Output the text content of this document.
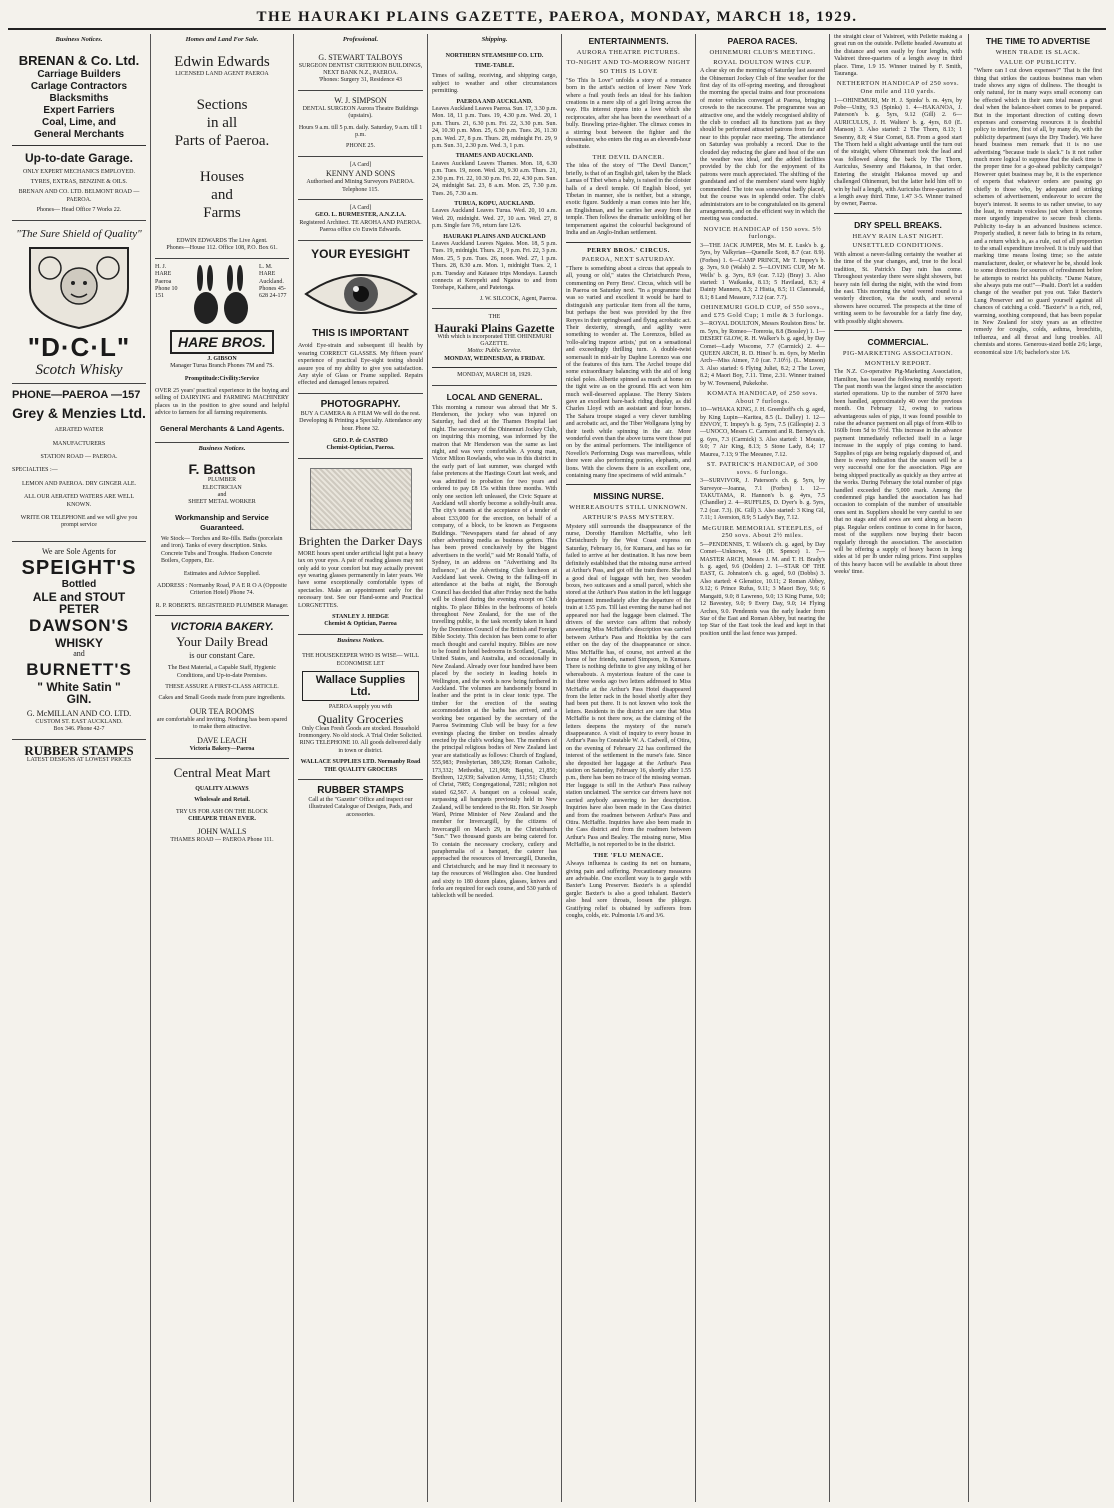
THE HAURAKI PLAINS GAZETTE, PAEROA, MONDAY, MARCH 18, 1929.
Business Notices.
BRENAN & Co. Ltd.
Carriage Builders
Carlage Contractors
Blacksmiths
Expert Farriers
Coal, Lime, and
General Merchants
Up-to-date Garage.
ONLY EXPERT MECHANICS EMPLOYED.
TYRES, EXTRAS, BENZINE & OILS.
BRENAN AND CO. LTD. BELMONT ROAD — PAEROA.
Phones— Head Office 7 Works 22.
"The Sure Shield of Quality"
"D·C·L"
Scotch Whisky
PHONE—PAEROA —157
Grey & Menzies Ltd.
AERATED WATER
MANUFACTURERS
STATION ROAD — PAEROA.
SPECIALTIES :—
LEMON AND PAEROA. DRY GINGER ALE.
ALL OUR AERATED WATERS ARE WELL KNOWN.
WRITE OR TELEPHONE and we will give you prompt service
We are Sole Agents for
SPEIGHT'S
Bottled
ALE and STOUT
PETER
DAWSON'S
WHISKY
and
BURNETT'S
" White Satin "
GIN.
G. McMILLAN AND CO. LTD.
CUSTOM ST. EAST AUCKLAND.
Box 346. Phone 42-7
RUBBER STAMPS
LATEST DESIGNS AT LOWEST PRICES
Homes and Land For Sale.
Edwin Edwards
LICENSED LAND AGENT PAEROA
Sections
in all
Parts of Paeroa.
Houses
and
Farms
EDWIN EDWARDS The Live Agent.
Phones—House 112. Office 108, P.O. Box 61.
H. J. HARE Paeroa Phone 10 151
L. M. HARE Auckland. Phones 45-628 24-177
HARE BROS.
J. GIBSON
Manager Turua Branch Phones 7M and 7S.
Promptitude:Civility:Service
OVER 25 years' practical experience in the buying and selling of DAIRYING and FARMING MACHINERY places us in the position to give sound and helpful advice to farmers for all farming requirements.
General Merchants & Land Agents.
Business Notices.
F. Battson
PLUMBER
ELECTRICIAN
and
SHEET METAL WORKER
Workmanship and Service Guaranteed.
We Stock— Torches and Re-fills. Baths (porcelain and iron). Tanks of every description. Sinks. Concrete Tubs and Troughs. Hudson Concrete Boilers, Coppers, Etc.
Estimates and Advice Supplied.
ADDRESS : Normanby Road, P A E R O A (Opposite Criterion Hotel) Phone 74.
R. P. ROBERTS. REGISTERED PLUMBER Manager.
VICTORIA BAKERY.
Your Daily Bread
is our constant Care.
The Best Material, a Capable Staff, Hygienic Conditions, and Up-to-date Premises.
THESE ASSURE A FIRST-CLASS ARTICLE.
Cakes and Small Goods made from pure ingredients.
OUR TEA ROOMS
are comfortable and inviting. Nothing has been spared to make them attractive.
DAVE LEACH
Victoria Bakery—Paeroa
Central Meat Mart
QUALITY ALWAYS
Wholesale and Retail.
TRY US FOR ASH ON THE BLOCK
CHEAPER THAN EVER.
JOHN WALLS
THAMES ROAD — PAEROA Phone 111.
Professional.
G. STEWART TALBOYS
SURGEON DENTIST CRITERION BUILDINGS, NEXT BANK N.Z., PAEROA.
'Phones: Surgery 31, Residence 43
W. J. SIMPSON
DENTAL SURGEON Aurora Theatre Buildings (upstairs).
Hours 9 a.m. till 5 p.m. daily. Saturday, 9 a.m. till 1 p.m.
PHONE 25.
[A Card]
KENNY AND SONS
Authorised and Mining Surveyors PAEROA. Telephone 115.
[A Card]
GEO. L. BURMESTER, A.N.Z.I.A.
Registered Architect. TE AROHA AND PAEROA. Paeroa office c/o Euwin Edwards.
YOUR EYESIGHT
THIS IS IMPORTANT
Avoid Eye-strain and subsequent ill health by wearing CORRECT GLASSES. My fifteen years' experience of practical Eye-sight testing should assure you of my ability to give you satisfaction. Any style of Glass or Frame supplied. Repairs effected and damaged lenses repaired.
PHOTOGRAPHY.
BUY A CAMERA & A FILM We will do the rest. Developing & Printing a Specialty. Attendance any hour. Phone 32.
GEO. P. de CASTRO
Chemist-Optician, Paeroa.
Brighten the Darker Days
MORE hours spent under artificial light put a heavy tax on your eyes. A pair of reading glasses may not only add to your comfort but may actually prevent eye wearing glasses permanently in later years. We have some exceptionally comfortable types of spectacles. Make an appointment early for the necessary test. See our Hand-some and Practical LORGNETTES.
STANLEY J. HEDGE
Chemist & Optician, Paeroa
Business Notices.
THE HOUSEKEEPER WHO IS WISE— WILL ECONOMISE LET
Wallace Supplies Ltd.
PAEROA supply you with
Quality Groceries
Only Clean Fresh Goods are stocked. Household Ironmongery. No old stock. A Trial Order Solicited. RING TELEPHONE 10. All goods delivered daily in town or district.
WALLACE SUPPLIES LTD. Normanby Road THE QUALITY GROCERS
RUBBER STAMPS
Call at the "Gazette" Office and inspect our illustrated Catalogue of Designs, Pads, and accessories.
Shipping.
NORTHERN STEAMSHIP CO. LTD.
TIME-TABLE.
Times of sailing, receiving, and shipping cargo, subject to weather and other circumstances permitting.
PAEROA AND AUCKLAND.
Leaves Auckland Leaves Paeroa. Sun. 17, 3.30 p.m. Mon. 18, 11 p.m. Tues. 19, 4.30 p.m. Wed. 20, 1 p.m. Thurs. 21, 6.30 p.m. Fri. 22, 3.30 p.m. Sun. 24, 10.30 p.m. Mon. 25, 6.30 p.m. Tues. 26, 11.30 p.m. Wed. 27, 8 p.m. Thurs. 28, midnight Fri. 29, 9 p.m. Sun. 31, 2.30 p.m. Wed. 3, 1 p.m.
THAMES AND AUCKLAND.
Leaves Auckland Leaves Thames. Mon. 18, 6.30 p.m. Tues. 19, noon. Wed. 20, 9.30 a.m. Thurs. 21, 2.30 p.m. Fri. 22, 10.30 p.m. Fri. 22, 4.30 p.m. Sun. 24, midnight Sat. 23, 8 a.m. Mon. 25, 7.30 p.m. Tues. 26, 7.30 a.m.
TURUA, KOPU, AUCKLAND.
Leaves Auckland Leaves Turua. Wed. 20, 10 a.m. Wed. 20, midnight. Wed. 27, 10 a.m. Wed. 27, 8 p.m. Single fare 7/6, return fare 12/6.
HAURAKI PLAINS AND AUCKLAND
Leaves Auckland Leaves Ngatea. Mon. 18, 5 p.m. Tues. 19, midnight. Thurs. 21, 9 p.m. Fri. 22, 3 p.m. Mon. 25, 5 p.m. Tues. 26, noon. Wed. 27, 1 p.m. Thurs. 28, 8.30 a.m. Mon. 1, midnight Tues. 2, 1 p.m. Tuesday and Kaiauee trips Mondays. Launch connects at Kerepehi and Ngatea to and from Torehape, Kaihere, and Patetonga.
J. W. SILCOCK, Agent, Paeroa.
THE
Hauraki Plains Gazette
With which is incorporated THE OHINEMURI GAZETTE.
Motto: Public Service.
MONDAY, WEDNESDAY, & FRIDAY.
MONDAY, MARCH 18, 1929.
LOCAL AND GENERAL.
This morning a rumour was abroad that Mr S. Henderson, the jockey who was injured on Saturday, had died at the Thames Hospital last night. The secretary of the Ohinemuri Jockey Club, on inquiring this morning, was informed by the matron that Mr Henderson was the same as last night, and was very comfortable. A young man, Victor Milton Rowlands, who was in this district in the early part of last summer, was charged with false pretences at the Hastings Court last week, and was admitted to probation for two years and ordered to pay £8 15s within three months. With only one section left unleased, the Civic Square at Auckland will shortly become a solidly-built area. The city's tenants at the acceptance of a tender of about £33,000 for the erection, on behalf of a company, of a block, to be known as Fergusons Buildings. "Newspapers stand far ahead of any other advertising media as business getters. This has been proved conclusively by the biggest advertisers in the world," said Mr Ronald Yaffa, of Sydney, in an address on "Advertising and Its Influence," at the Advertising Club luncheon at Auckland last week. Owing to the falling-off in attendance at the baths at night, the Borough Council has decided that after Friday next the baths will be closed during the evening except on Club nights. To place Bibles in the bedrooms of hotels throughout New Zealand, for the use of the travelling public, is the task recently taken in hand by the Dominion Council of the British and Foreign Bible Society. This decision has been come to after much thought and careful inquiry. Bibles are now to be found in hotel bedrooms in Scotland, Canada, United States, and Australia, and occasionally in New Zealand. Already over four hundred have been placed by the society in leading hotels in Wellington, and the work is now being furthered in Auckland. The volumes are handsomely bound in leather and the print is in clear tonic type. The timber for the erection of the seating accommodation at the baths has arrived, and a working bee organised by the secretary of the Paeroa Swimming Club will be busy for a few evenings placing the timber on trestles already erected by the club's working bee. The members of the principal religious bodies of New Zealand last year are statistically as follows: Church of England, 555,983; Presbyterian, 389,329; Roman Catholic, 173,332; Methodist, 121,968; Baptist, 21,850; Brethren, 12,939; Salvation Army, 11,551; Church of Christ, 7985; Congregational, 7281; religion not stated 62,567. A banquet on a colossal scale, surpassing all banquets previously held in New Zealand, will be tendered to the Rt. Hon. Sir Joseph Ward, Prime Minister of New Zealand and the member for Invercargill, by the citizens of Invercargill on March 29, in the Christchurch "Sun." Two thousand guests are being catered for. To contain the necessary crockery, cutlery and paraphernalia of a banquet, the caterer has approached the resources of Invercargill, Dunedin, and Christchurch; and he may find it necessary to tap the resources of Wellington also. One hundred and sixty to 180 dozen plates, glasses, knives and forks are required for each course, and 530 yards of tablecloth will be needed.
ENTERTAINMENTS.
AURORA THEATRE PICTURES.
TO-NIGHT AND TO-MORROW NIGHT
SO THIS IS LOVE
"So This Is Love" unfolds a story of a romance born in the artist's section of lower New York where a frail youth feels an ideal for his fashion creations in a mere slip of a girl living across the way. His interest ripens into a love which she reciprocates, after she has been the sweetheart of a bully. Brawling prize-fighter. The climax comes in a stirring bout between the fighter and the dressmaker, who enters the ring as an eleventh-hour substitute.
THE DEVIL DANCER.
The idea of the story of "The Devil Dancer," briefly, is that of an English girl, taken by the Black Lamas of Tibet when a baby, is raised in the cloister halls of a devil temple. Of English blood, yet Tibetan in manner, she is neither, but a strange, exotic figure. Suddenly a man comes into her life, an Englishman, and he carries her away from the temple. Then follows the dramatic unfolding of her temperament against the colourful background of India and an Anglo-Indian settlement.
PERRY BROS.' CIRCUS.
PAEROA, NEXT SATURDAY.
"There is something about a circus that appeals to all, young or old," states the Christchurch Press, commenting on Perry Bros'. Circus, which will be in Paeroa on Saturday next. "In a programme that was so varied and excellent it would be hard to distinguish any particular item from all the turns, but perhaps the best was provided by the five Reryes in their springboard and flying acrobatic act. Their dexterity, strength, and agility were something to wonder at. The Lorenzos, billed as 'rollo-ale'ing trapeze artists,' put on a sensational and exceedingly thrilling turn. A double-twist somersault in mid-air by Daphne Lorenzo was one of the features of this turn. The Archel troupe did some extraordinary balancing with the aid of long nickel poles. Albertie spinned as much at home on the tight wire as on the ground. His act won him much well-deserved applause. The Henry Sisters gave an excellent bare-back riding display, as did Charles Lloyd with an assistant and four horses. The Sahara troupe staged a very clever tumbling and acrobatic act, and the Tiber Wollgeans lying by their teeth while spinning in the air. More wonderful even than the above turns were those put on by the animal performers. The intelligence of Novello's Performing Dogs was marvellous, while there were also performing ponies, elephants, and lions. With the clowns there is an excellent one, containing many fine specimens of wild animals."
MISSING NURSE.
WHEREABOUTS STILL UNKNOWN.
ARTHUR'S PASS MYSTERY.
Mystery still surrounds the disappearance of the nurse, Dorothy Hamilton McHaffie, who left Christchurch by the West Coast express on Saturday, February 16, for Kumara, and has so far failed to arrive at her destination. It has now been definitely established that the missing nurse arrived at Arthur's Pass, and got off the train there. She had a good deal of luggage with her, two wooden boxes, two suitcases and a small parcel, which she stored at the Arthur's Pass station in the left luggage department immediately after the departure of the train at 1.55 p.m. Till last evening the nurse had not appeared nor had the luggage been claimed. The drivers of the service cars affirm that nobody answering Miss McHaffie's description was carried between Arthur's Pass and Hokitika by the cars either on the day of the disappearance or since. Miss McHaffie has, of course, not arrived at the home of her friends, named Simpson, in Kumara. There is nothing definite to give any inkling of her whereabouts. A mysterious feature of the case is that three weeks ago two letters addressed to Miss McHaffie at the Arthur's Pass Hotel disappeared from the letter rack in the hostel shortly after they had been put there. It is not known who took the letters. Residents in the district are sure that Miss McHaffie is not there now, as the claiming of the letters deepens the mystery of the nurse's disappearance. A visit of inquiry to every house in Arthur's Pass by Constable W. A. Cadwell, of Otira, on the evening of February 22 has confirmed the interest of the settlement in the nurse's fate. Since she deposited her luggage at the Arthur's Pass station on Saturday, February 16, shortly after 1.55 p.m., there has been no trace of the missing woman. Her luggage is still in the Arthur's Pass railway station unclaimed. The service car drivers have not carried anybody answering to her description. Inquiries have also been made in the Cass district and from the roadmen between Arthur's Pass and Otira. McHaffie. Inquiries have also been made in the Cass district and from the roadmen between Arthur's Pass and Bealey. The missing nurse, Miss McHaffie, is not reported to be in the district.
THE 'FLU MENACE.
Always influenza is casting its net on humans, giving pain and suffering. Precautionary measures are advisable. One excellent way is to gargle with Baxter's Lung Preserver. Baxter's is a splendid gargle: Baxter's is also a good inhalant. Baxter's also heal sore throats, loosen the phlegm. Gratifying relief is obtained by sufferers from coughs, colds, etc. Pulmonia 1/6 and 3/6.
PAEROA RACES.
OHINEMURI CLUB'S MEETING.
ROYAL DOULTON WINS CUP.
A clear sky on the morning of Saturday last assured the Ohinemuri Jockey Club of fine weather for the first day of its off-spring meeting, and throughout the morning the special trains and four processions of motor vehicles converged at Paeroa, bringing crowds to the racecourse. The programme was an attractive one, and the widely recognised ability of the club to conduct all its functions just as they should be performed attracted patrons from far and near to this popular race meeting. The attendance on Saturday was probably a record. Due to the clouded day reducing the glare and heat of the sun the weather was ideal, and the added facilities provided by the club for the enjoyment of its patrons were much appreciated. The shifting of the grandstand and of the members' stand were highly commended. The tote was somewhat badly placed, but the course was in splendid order. The club's administrators are to be congratulated on its general arrangements, and on the efficient way in which the meeting was conducted.
NOVICE HANDICAP of 150 sovs. 5½ furlongs.
3—THE JACK JUMPER, Mrs M. E. Lusk's b. g. 5yrs, by Valkyrian—Quenelle Scott, 8.7 (car. 8.9). (Forbes) 1. 6—CAMP PRINCE, Mr T. Impey's b. g. 3yrs, 9.0 (Walsh) 2. 5—LOVING CUP, Mr M. Wells' b. g. 3yrs, 8.9 (car. 7.12) (Bray) 3. Also started: 1 Waikauka, 8.13; 5 Havilaud, 8.3; 4 Dainty Manners, 8.3; 2 Histia, 8.5; 11 Clanranald, 8.1; 8 Land Measure, 7.12 (car. 7.7).
OHINEMURI GOLD CUP, of 550 sovs., and £75 Gold Cup; 1 mile & 3 furlongs.
3—ROYAL DOULTON, Messrs Roulston Bros.' br. m. 5yrs, by Romeo—Toreroia, 8.8 (Bossley) 1. 1—DESERT GLOW, R. H. Walker's b. g. aged, by Day Comet—Lady Wiscome, 7.7 (Carmick) 2. 4—QUEEN ARCH, R. D. Hines' b. m. 6yrs, by Merlin Arch—Miss Aimee, 7.0 (car. 7.10½). (L. Munson) 3. Also started: 6 Flying Juliet, 8.2; 2 The Lover, 8.2; 4 Maori Boy, 7.11. Time, 2.31. Winner trained by W. Townsend, Pukekohe.
KOMATA HANDICAP, of 250 sovs. About 7 furlongs.
10—WHAKA KING, J. H. Greenhoff's ch. g. aged, by King Lupin—Karitea, 8.5 (L. Dalley) 1. 12—ENVOY, T. Impey's b. g. 5yrs, 7.5 (Gillespie) 2. 3—UNOCO, Messrs C. Carmont and R. Berney's ch. g. 6yrs, 7.3 (Carmick) 3. Also started: 1 Mousie, 9.0; 7 Air King, 8.13; 5 Stone Lady, 8.4; 17 Maurea, 7.13; 9 The Meeanee, 7.12.
ST. PATRICK'S HANDICAP, of 300 sovs. 6 furlongs.
3—SURVIVOR, J. Paterson's ch. g. 5yrs, by Surveyor—Joanna, 7.1 (Forbes) 1. 12—TAKUTAMA, R. Hannon's b. g. 4yrs, 7.5 (Chandler) 2. 4—RUFFLES, D. Dyer's b. g. 5yrs, 7.2 (car. 7.3). (K. Gill) 3. Also started: 3 King Gil, 7.11; 1 Aversion, 8.9; 5 Lady's Bay, 7.12.
McGUIRE MEMORIAL STEEPLES, of 250 sovs. About 2½ miles.
5—PENDENNIS, T. Wilson's ch. g. aged, by Day Comet—Unknown, 9.4 (H. Spence) 1. 7—MASTER ARCH, Messrs J. M. and T. H. Brady's b. g. aged, 9.6 (Dolden) 2. 1—STAR OF THE EAST, G. Johnston's ch. g. aged, 9.0 (Dobbs) 3. Also started: 4 Glenstice, 10.11; 2 Roman Abbey, 9.12; 6 Prince Rufus, 9.11; 3 Maori Boy, 9.6; 6 Mangaiti, 9.0; 8 Lawreno, 9.0; 13 King Fume, 9.0; 12 Bavestey, 9.0; 9 Every Day, 9.0; 14 Flying Arches, 9.0. Pendennis was the early leader from Star of the East and Roman Abbey, but nearing the top Star of the East took the lead and kept in that position until the last fence was jumped.
the straight clear of Valstreet, with Pellette making a great run on the outside. Pellette headed Awamutu at the distance and won easily by four lengths, with Valstreet three-quarters of a length away in third place. Time, 1.9 15. Winner trained by F. Smith, Tauranga.
NETHERTON HANDICAP of 250 sovs. One mile and 110 yards.
1—OHINEMURI, Mr H. J. Spinks' b. m. 4yrs, by Pobe—Unity, 9.3 (Spinks) 1. 4—HAKANOA, J. Paterson's b. g. 5yrs, 9.12 (Gill) 2. 6—AURICULUS, J. H. Walters' b. g. 4yrs, 8.0 (E. Manson) 3. Also started: 2 The Thorn, 8.13; 1 Sesenny, 8.8; 4 Star Comet, 8.8. From a good start The Thorn held a slight advantage until the turn out of the straight, where Ohinemuri took the lead and was followed along the back by The Thorn, Auriculus, Sesenny and Hakanoa, in that order. Entering the straight Hakanoa moved up and challenged Ohinemuri, but the latter held him off to win by half a length, with Auriculus three-quarters of a length away third. Time, 1.47 3-5. Winner trained by owner, Paeroa.
DRY SPELL BREAKS.
HEAVY RAIN LAST NIGHT.
UNSETTLED CONDITIONS.
With almost a never-failing certainty the weather at the time of the year changes, and, true to the local tradition, St. Patrick's Day rain has come. Throughout yesterday there were slight showers, but heavy rain fell during the night, with the wind from the east. This morning the wind veered round to a westerly direction, via the south, and several showers have occurred. The prospects at the time of writing seem to be favourable for a fairly fine day, with possibly slight showers.
COMMERCIAL.
PIG-MARKETING ASSOCIATION.
MONTHLY REPORT.
The N.Z. Co-operative Pig-Marketing Association, Hamilton, has issued the following monthly report: The past month was the largest since the association started operations. Up to the number of 5970 have been handled, approximately 40 over the previous month. On February 12, owing to various advantageous sales of pigs, it was found possible to raise the advance payment on all pigs of from 40lb to 160lb from 5d to 5½d. This increase in the advance payment immediately reflected itself in a large increase in the supply of pigs coming to hand. Supplies of pigs are being regularly disposed of, and there is every indication that the season will be a very successful one for the association. Pigs are being shipped practically as quickly as they arrive at the works. During February the total number of pigs handled exceeded the 5,000 mark. Among the condemned pigs handled the association has had occasion to complain of the number of unsuitable ones sent in. Suppliers should be very careful to see that no stags and old sows are sent along as bacon pigs. Regular orders continue to come in for bacon, most of the suppliers now buying their bacon regularly through the association. The association will be offering a supply of heavy bacon in long sides at 1d per lb under ruling prices. First supplies of this heavy bacon will be available in about three weeks' time.
THE TIME TO ADVERTISE
WHEN TRADE IS SLACK.
VALUE OF PUBLICITY.
"Where can I cut down expenses?" That is the first thing that strikes the cautious business man when trade shows any signs of dullness. The thought is only natural, for in many ways small economy can be effected which in their sum total mean a great deal when the balance-sheet comes to be prepared. But in the important direction of cutting down expenses and conserving resources it is doubtful policy to interfere, first of all, by many do, with the publicity department (says the Dry Trader). We have heard business men remark that it is no use advertising "because trade is slack." Is it not rather much more logical to suppose that the slack time is the proper time for a go-ahead publicity campaign? However quiet business may be, it is the experience of experts that whatever orders are passing go chiefly to those who, by adequate and striking schemes of advertisement, endeavour to secure the buyer's interest. It seems to us rather unwise, to say the least, to remain voiceless just when it becomes more urgently imperative to secure fresh clients. Publicity to-day is an advanced business science. Properly studied, it never fails to bring in its return, and a return which is, as a rule, out of all proportion to the small expenditure involved. It is truly said that marking time means losing time; so the astute manufacturer, dealer, or whatever he be, should look to some directions for sources of refreshment before he attempts to restrict his publicity. "Dame Nature, she always puts me out!"—Psalti. Don't let a sudden change of the weather put you out. Take Baxter's Lung Preserver and so guard yourself against all chances of catching a cold. "Baxter's" is a rich, red, warming, soothing compound, that has been popular in New Zealand for sixty years as an effective remedy for coughs, colds, asthma, bronchitis, influenza, and all throat and lung troubles. All chemists and stores. Generous-sized bottle 2/6; large, economical size 1/6; bachelor's size 1/6.
